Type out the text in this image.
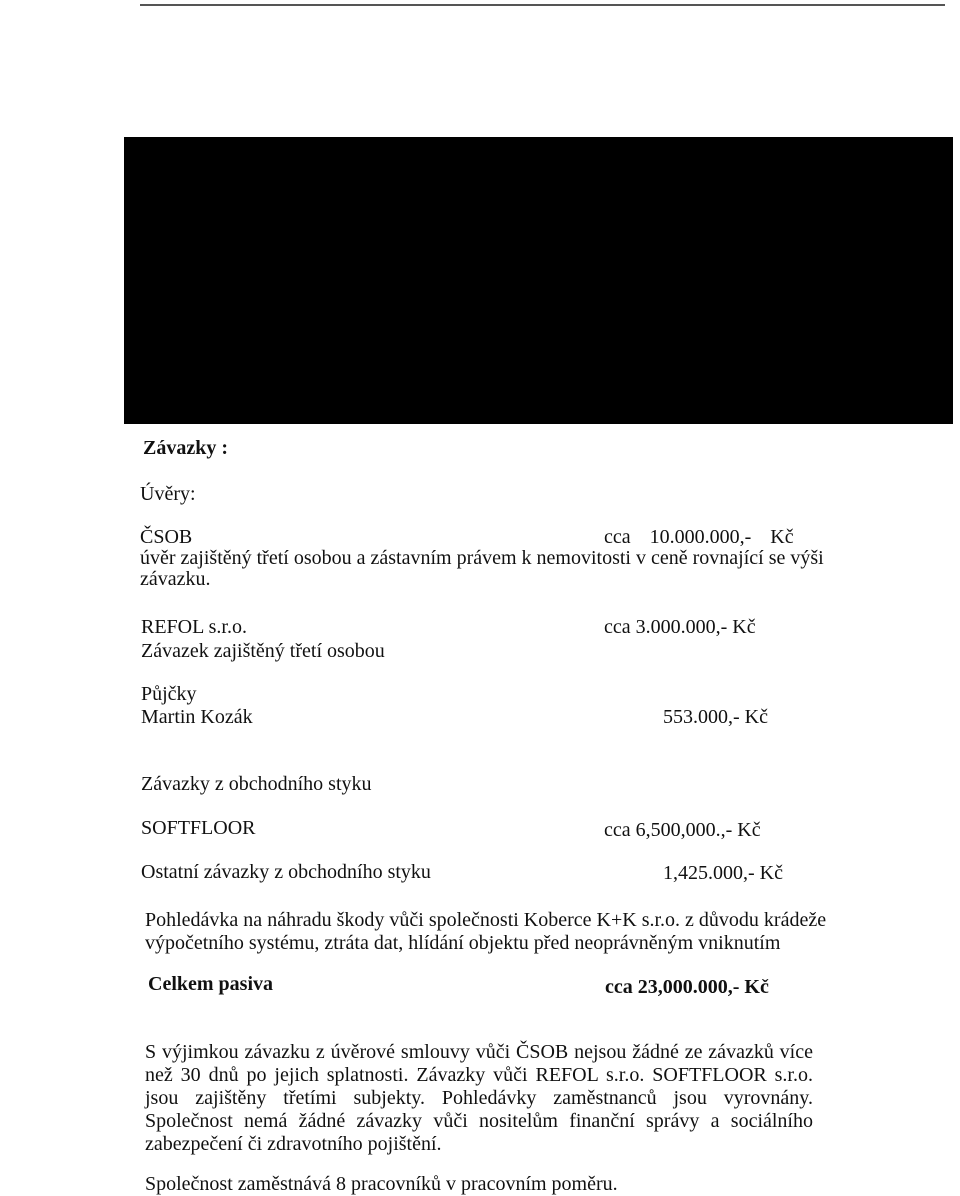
Závazky :
Úvěry:
ČSOB	cca 10.000.000,- Kč
úvěr zajištěný třetí osobou a zástavním právem k nemovitosti v ceně rovnající se výši
závazku.
REFOL s.r.o.	cca 3.000.000,- Kč
Závazek zajištěný třetí osobou
Půjčky
Martin Kozák	553.000,- Kč
Závazky z obchodního styku
SOFTFLOOR	cca 6,500,000.,- Kč
Ostatní závazky z obchodního styku	1,425.000,- Kč
Pohledávka na náhradu škody vůči společnosti Koberce K+K s.r.o. z důvodu krádeže
výpočetního systému, ztráta dat, hlídání objektu před neoprávněným vniknutím
Celkem pasiva	cca 23,000.000,- Kč
S výjimkou závazku z úvěrové smlouvy vůči ČSOB nejsou žádné ze závazků více než 30 dnů po jejich splatnosti. Závazky vůči REFOL s.r.o. SOFTFLOOR s.r.o. jsou zajištěny třetími subjekty. Pohledávky zaměstnanců jsou vyrovnány. Společnost nemá žádné závazky vůči nositelům finanční správy a sociálního zabezpečení či zdravotního pojištění.
Společnost zaměstnává 8 pracovníků v pracovním poměru.
